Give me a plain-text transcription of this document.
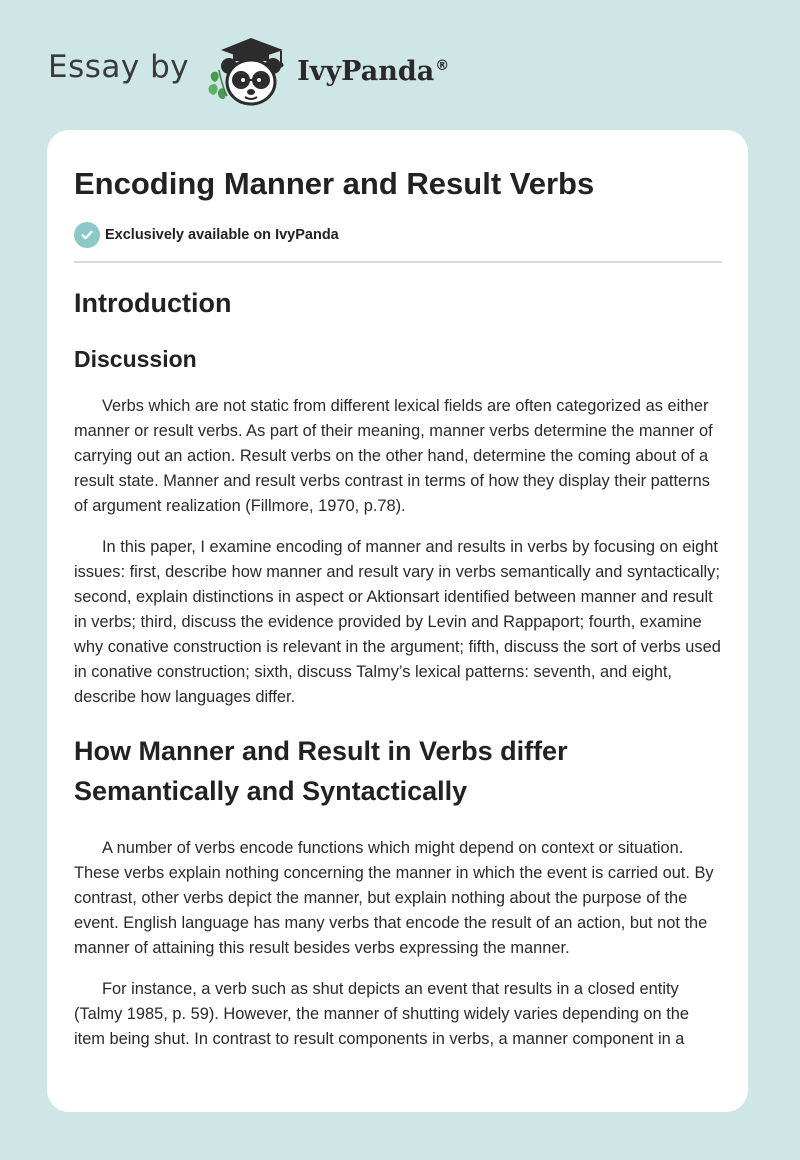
Essay by	IvyPanda®
Encoding Manner and Result Verbs
Exclusively available on IvyPanda
Introduction
Discussion

Verbs which are not static from different lexical fields are often categorized as either manner or result verbs. As part of their meaning, manner verbs determine the manner of carrying out an action. Result verbs on the other hand, determine the coming about of a result state. Manner and result verbs contrast in terms of how they display their patterns of argument realization (Fillmore, 1970, p.78).

In this paper, I examine encoding of manner and results in verbs by focusing on eight issues: first, describe how manner and result vary in verbs semantically and syntactically; second, explain distinctions in aspect or Aktionsart identified between manner and result in verbs; third, discuss the evidence provided by Levin and Rappaport; fourth, examine why conative construction is relevant in the argument; fifth, discuss the sort of verbs used in conative construction; sixth, discuss Talmy’s lexical patterns: seventh, and eight, describe how languages differ.

How Manner and Result in Verbs differ Semantically and Syntactically

A number of verbs encode functions which might depend on context or situation. These verbs explain nothing concerning the manner in which the event is carried out. By contrast, other verbs depict the manner, but explain nothing about the purpose of the event. English language has many verbs that encode the result of an action, but not the manner of attaining this result besides verbs expressing the manner.

For instance, a verb such as shut depicts an event that results in a closed entity (Talmy 1985, p. 59). However, the manner of shutting widely varies depending on the item being shut. In contrast to result components in verbs, a manner component in a
